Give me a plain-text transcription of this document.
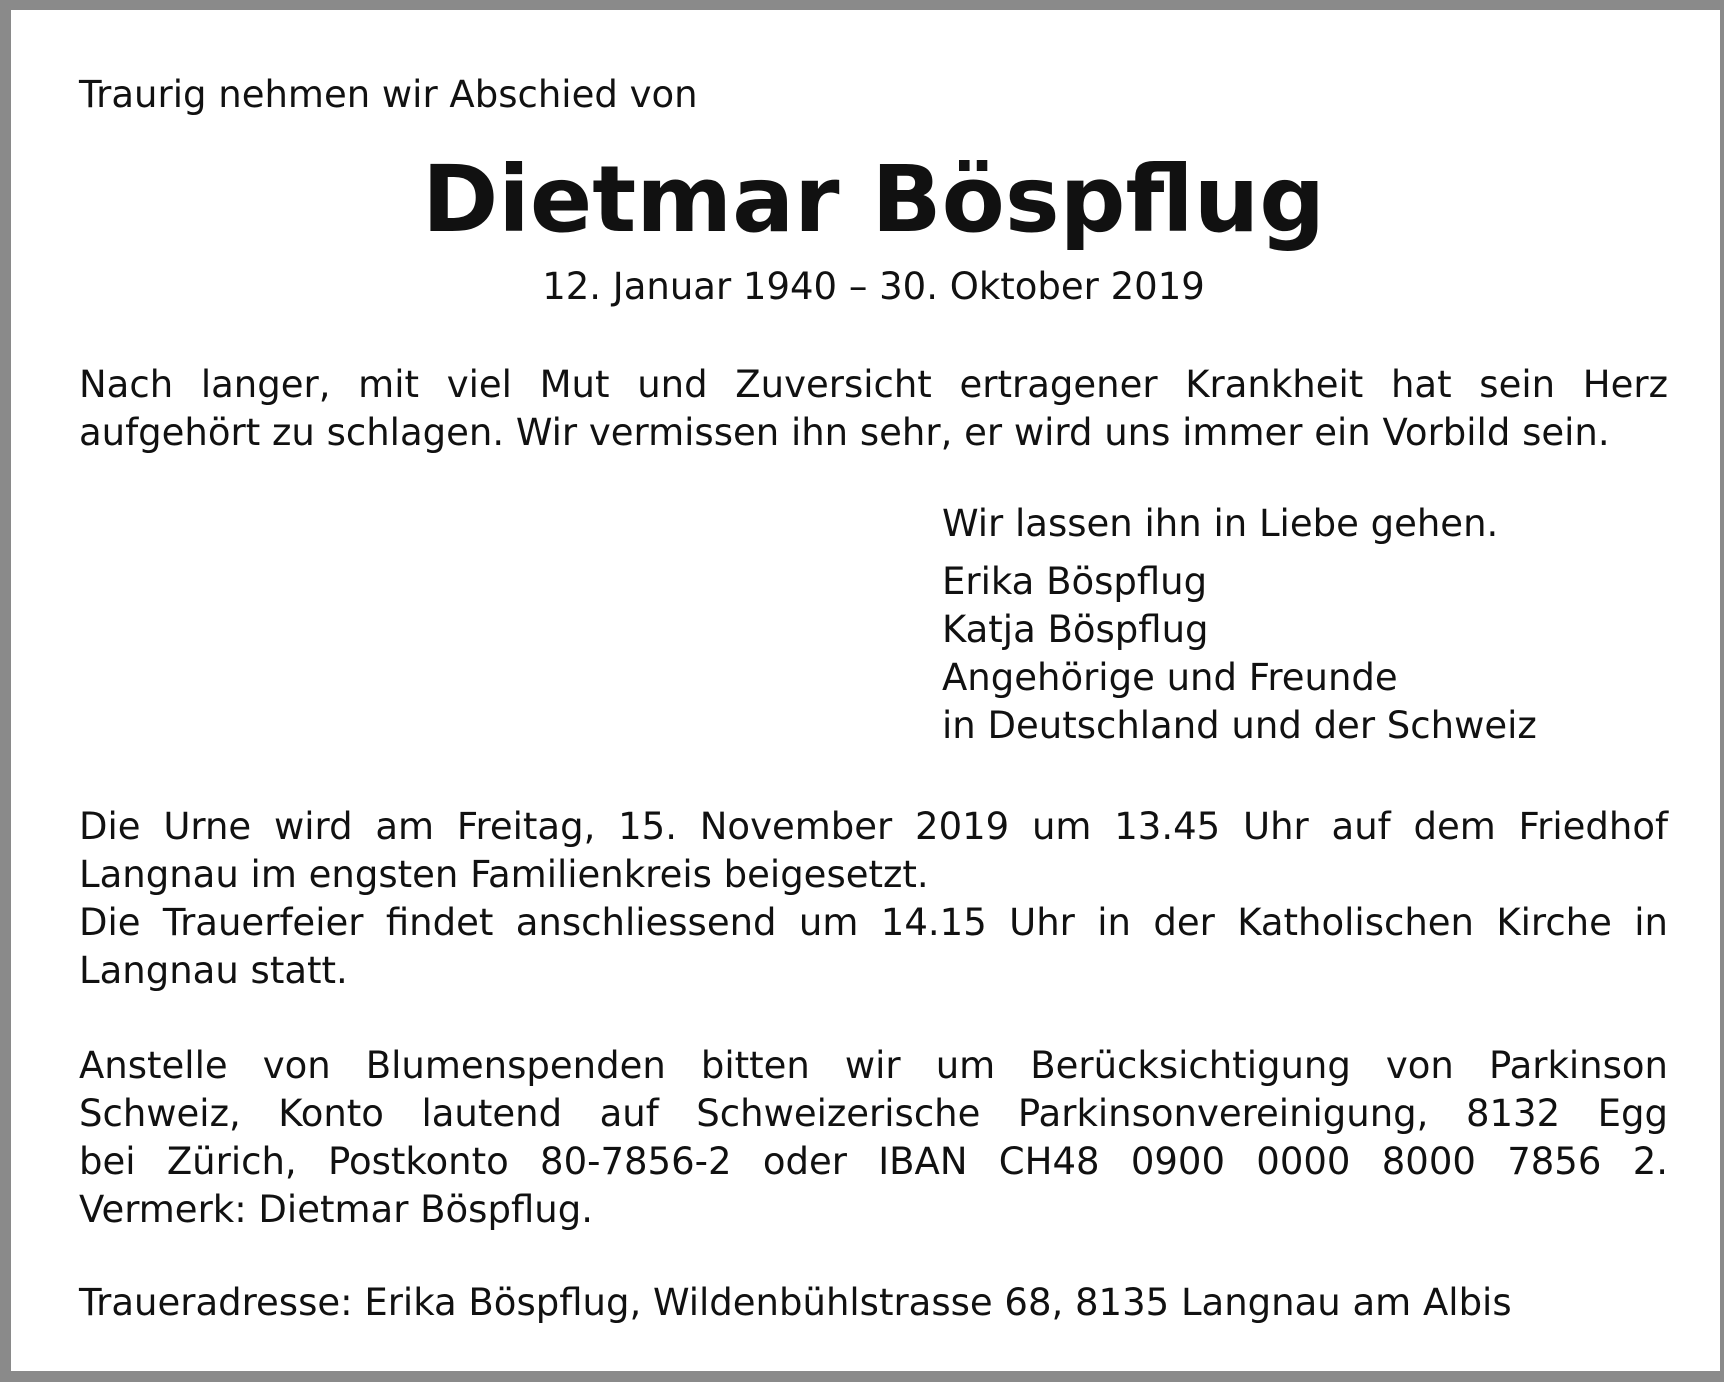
Traurig nehmen wir Abschied von
Dietmar Böspflug
12. Januar 1940 – 30. Oktober 2019
Nach langer, mit viel Mut und Zuversicht ertragener Krankheit hat sein Herz
aufgehört zu schlagen. Wir vermissen ihn sehr, er wird uns immer ein Vorbild sein.
Wir lassen ihn in Liebe gehen.
Erika Böspflug
Katja Böspflug
Angehörige und Freunde
in Deutschland und der Schweiz
Die Urne wird am Freitag, 15. November 2019 um 13.45 Uhr auf dem Friedhof
Langnau im engsten Familienkreis beigesetzt.
Die Trauerfeier findet anschliessend um 14.15 Uhr in der Katholischen Kirche in
Langnau statt.
Anstelle von Blumenspenden bitten wir um Berücksichtigung von Parkinson
Schweiz, Konto lautend auf Schweizerische Parkinsonvereinigung, 8132 Egg
bei Zürich, Postkonto 80-7856-2 oder IBAN CH48 0900 0000 8000 7856 2.
Vermerk: Dietmar Böspflug.
Traueradresse: Erika Böspflug, Wildenbühlstrasse 68, 8135 Langnau am Albis
